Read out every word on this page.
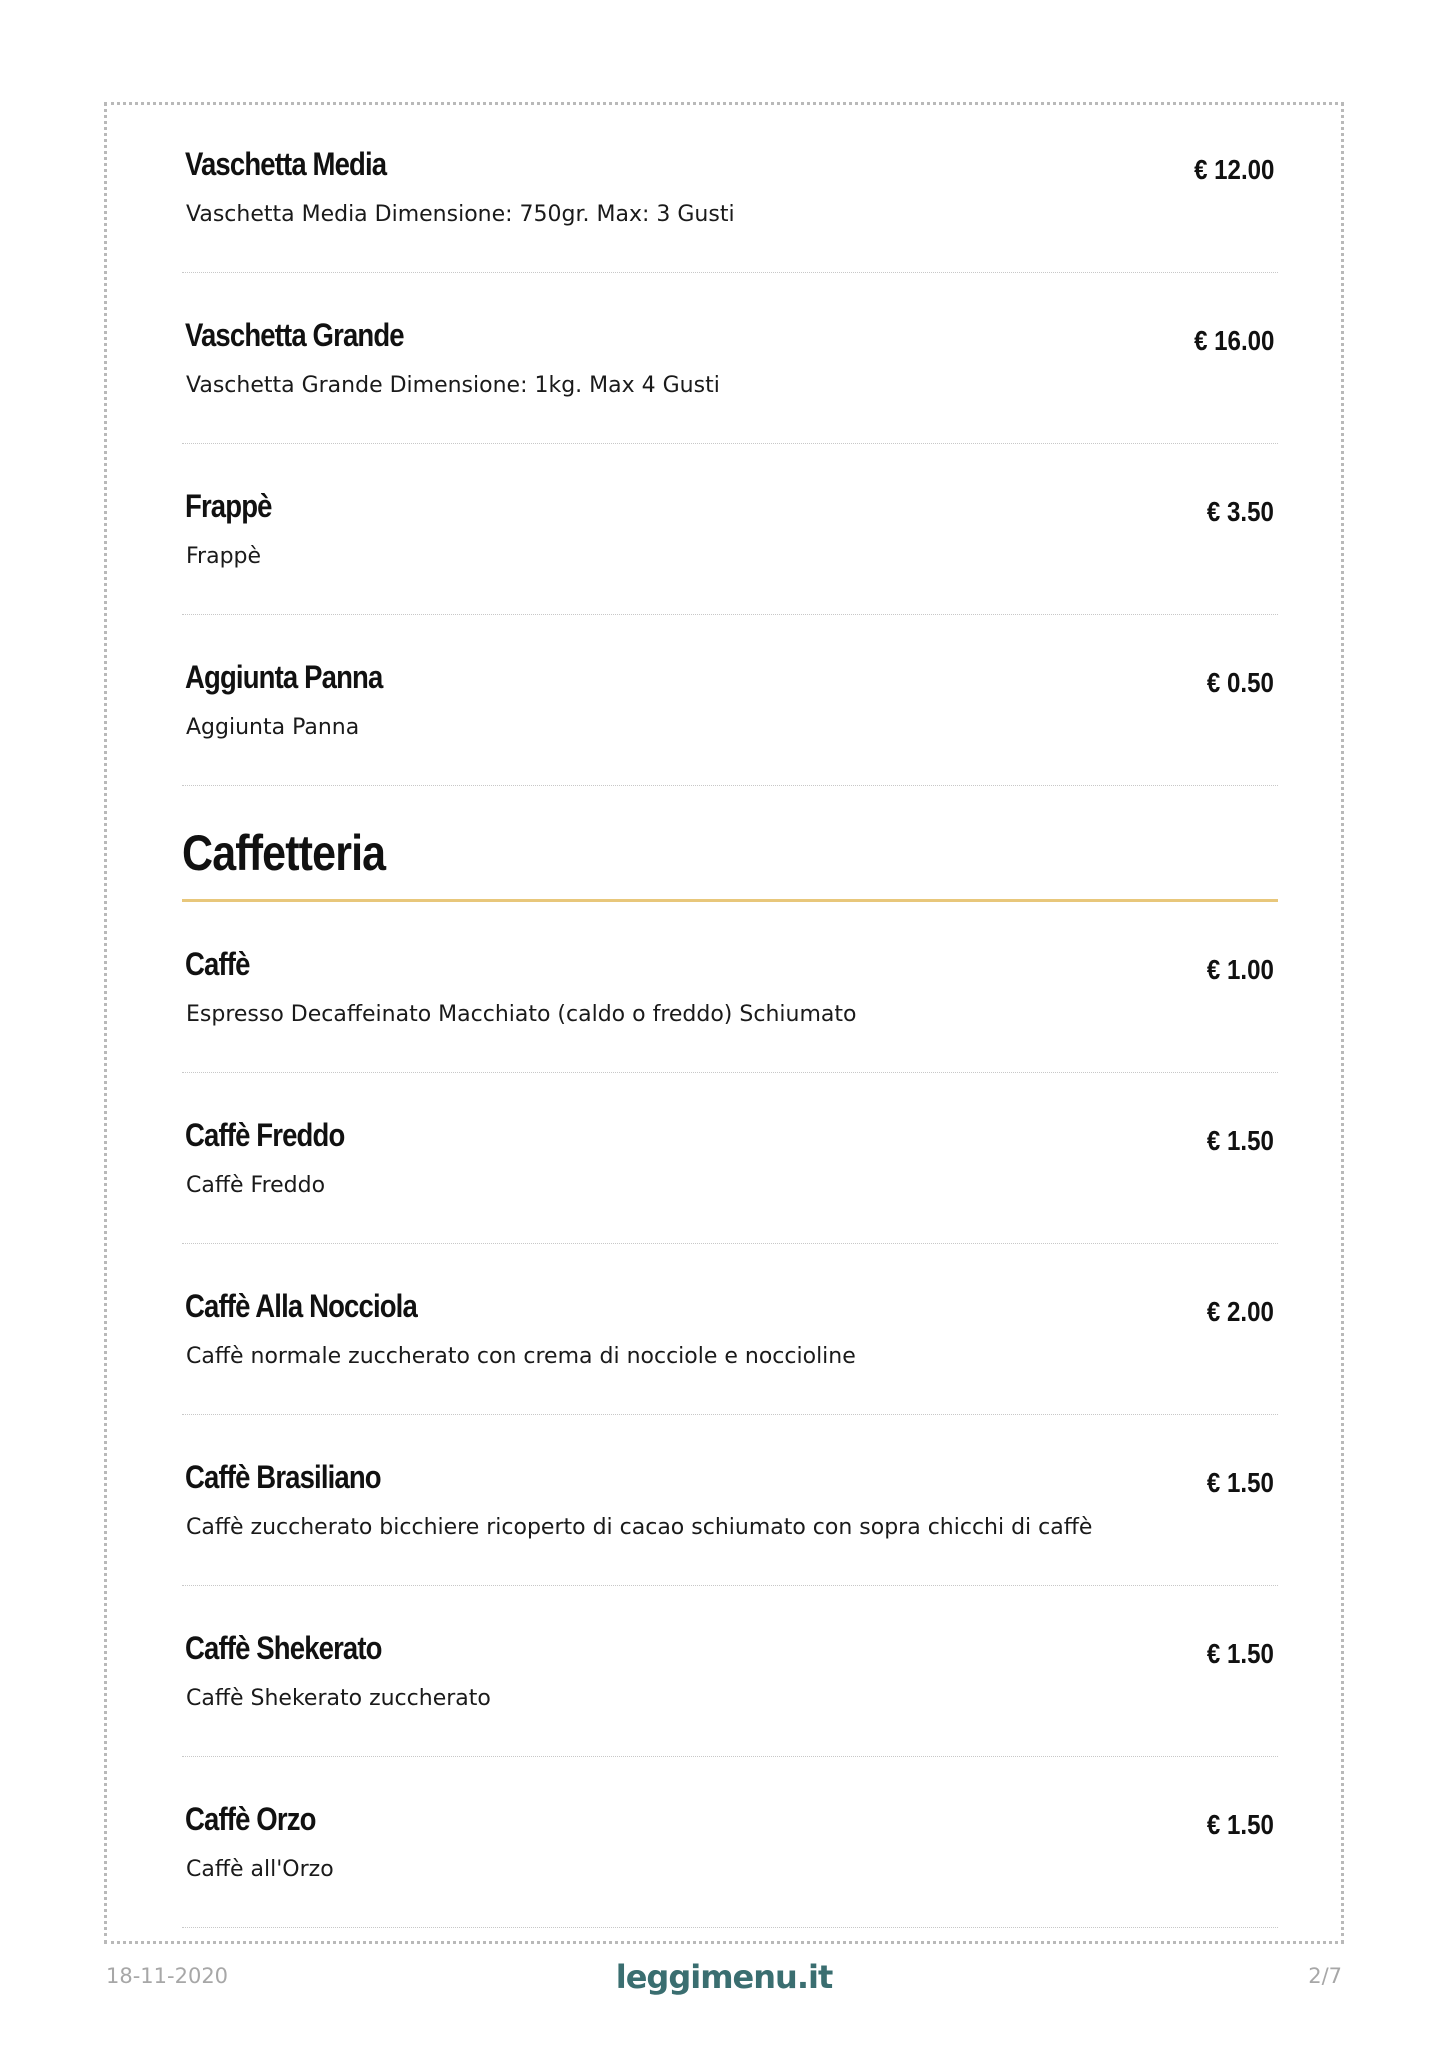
Vaschetta Media
Vaschetta Media Dimensione: 750gr. Max: 3 Gusti
€ 12.00
Vaschetta Grande
Vaschetta Grande Dimensione: 1kg. Max 4 Gusti
€ 16.00
Frappè
Frappè
€ 3.50
Aggiunta Panna
Aggiunta Panna
€ 0.50
Caffetteria
Caffè
Espresso Decaffeinato Macchiato (caldo o freddo) Schiumato
€ 1.00
Caffè Freddo
Caffè Freddo
€ 1.50
Caffè Alla Nocciola
Caffè normale zuccherato con crema di nocciole e noccioline
€ 2.00
Caffè Brasiliano
Caffè zuccherato bicchiere ricoperto di cacao schiumato con sopra chicchi di caffè
€ 1.50
Caffè Shekerato
Caffè Shekerato zuccherato
€ 1.50
Caffè Orzo
Caffè all'Orzo
€ 1.50
18-11-2020	leggimenu.it	2/7
